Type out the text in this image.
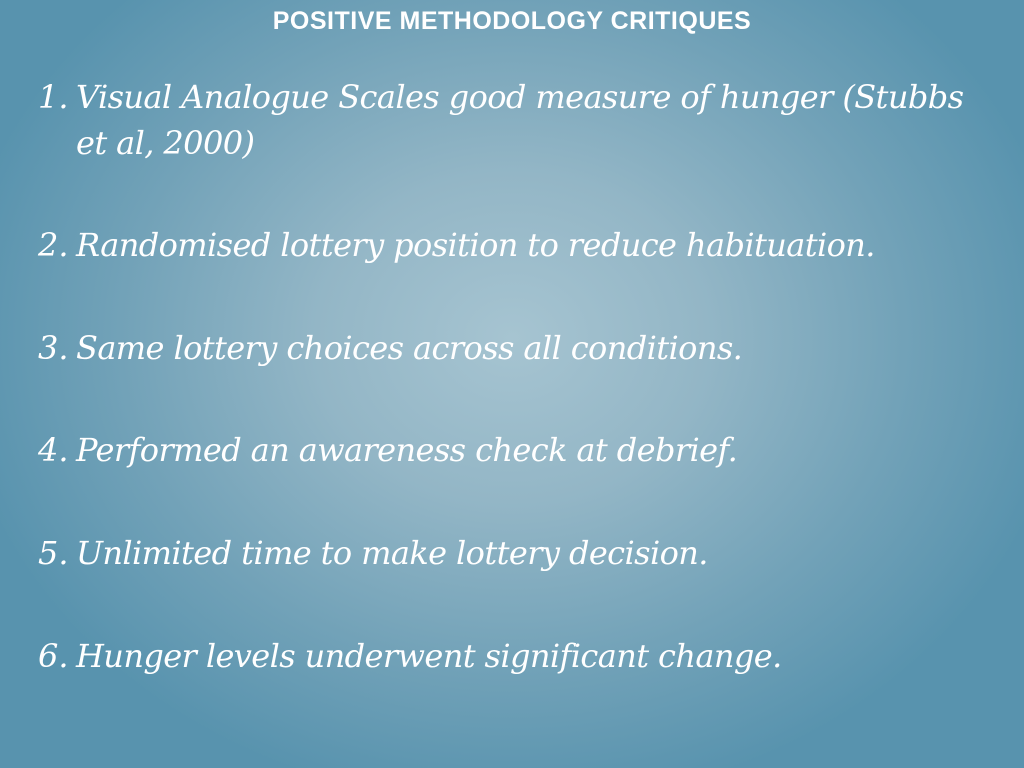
POSITIVE METHODOLOGY CRITIQUES
1. Visual Analogue Scales good measure of hunger (Stubbs et al, 2000)
2. Randomised lottery position to reduce habituation.
3. Same lottery choices across all conditions.
4. Performed an awareness check at debrief.
5. Unlimited time to make lottery decision.
6. Hunger levels underwent significant change.
